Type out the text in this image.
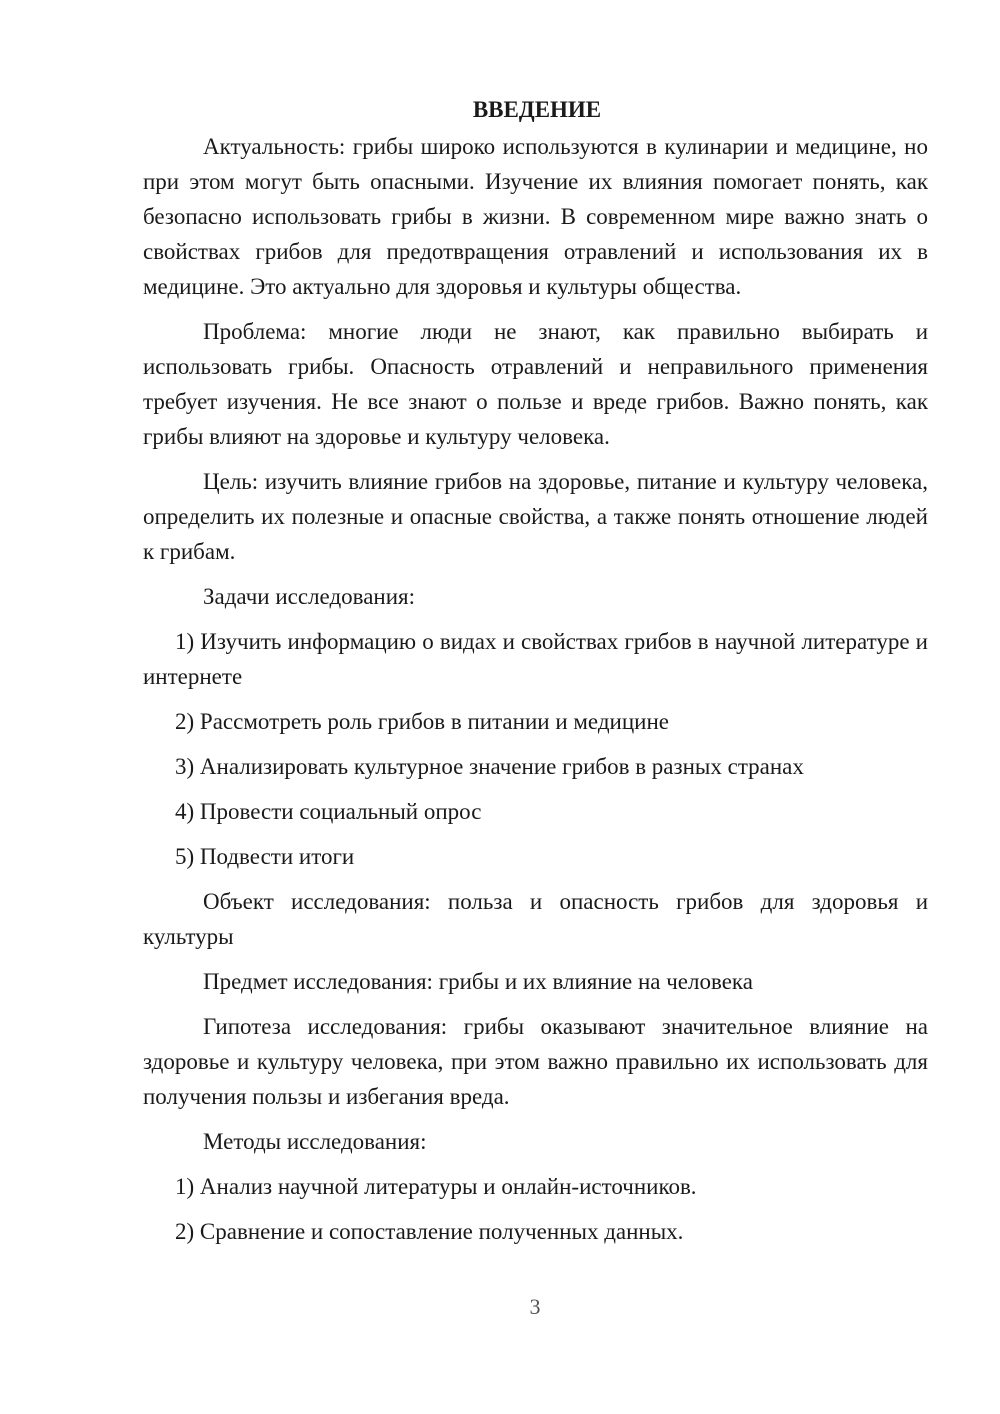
ВВЕДЕНИЕ

Актуальность: грибы широко используются в кулинарии и медицине, но при этом могут быть опасными. Изучение их влияния помогает понять, как безопасно использовать грибы в жизни. В современном мире важно знать о свойствах грибов для предотвращения отравлений и использования их в медицине. Это актуально для здоровья и культуры общества.

Проблема: многие люди не знают, как правильно выбирать и использовать грибы. Опасность отравлений и неправильного применения требует изучения. Не все знают о пользе и вреде грибов. Важно понять, как грибы влияют на здоровье и культуру человека.

Цель: изучить влияние грибов на здоровье, питание и культуру человека, определить их полезные и опасные свойства, а также понять отношение людей к грибам.

Задачи исследования:

1) Изучить информацию о видах и свойствах грибов в научной литературе и интернете

2) Рассмотреть роль грибов в питании и медицине

3) Анализировать культурное значение грибов в разных странах

4) Провести социальный опрос

5) Подвести итоги

Объект исследования: польза и опасность грибов для здоровья и культуры

Предмет исследования: грибы и их влияние на человека

Гипотеза исследования: грибы оказывают значительное влияние на здоровье и культуру человека, при этом важно правильно их использовать для получения пользы и избегания вреда.

Методы исследования:

1) Анализ научной литературы и онлайн-источников.

2) Сравнение и сопоставление полученных данных.

3
